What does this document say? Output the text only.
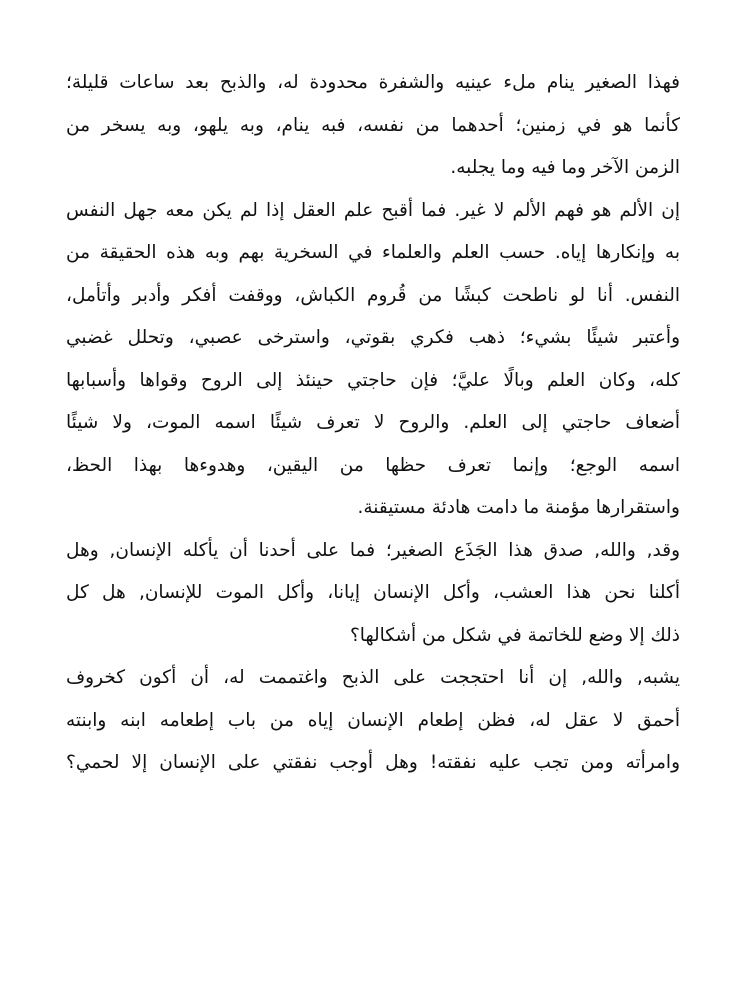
فهذا الصغير ينام ملء عينيه والشفرة محدودة له، والذبح بعد ساعات قليلة؛
كأنما هو في زمنين؛ أحدهما من نفسه، فبه ينام، وبه يلهو، وبه يسخر من
الزمن الآخر وما فيه وما يجلبه.
إن الألم هو فهم الألم لا غير. فما أقبح علم العقل إذا لم يكن معه جهل النفس
به وإنكارها إياه. حسب العلم والعلماء في السخرية بهم وبه هذه الحقيقة من
النفس. أنا لو ناطحت كبشًا من قُروم الكباش، ووقفت أفكر وأدبر وأتأمل،
وأعتبر شيئًا بشيء؛ ذهب فكري بقوتي، واسترخى عصبي، وتحلل غضبي
كله، وكان العلم وبالًا عليَّ؛ فإن حاجتي حينئذ إلى الروح وقواها وأسبابها
أضعاف حاجتي إلى العلم. والروح لا تعرف شيئًا اسمه الموت، ولا شيئًا
اسمه الوجع؛ وإنما تعرف حظها من اليقين، وهدوءها بهذا الحظ،
واستقرارها مؤمنة ما دامت هادئة مستيقنة.
وقد, والله, صدق هذا الجَذَع الصغير؛ فما على أحدنا أن يأكله الإنسان, وهل
أكلنا نحن هذا العشب، وأكل الإنسان إيانا، وأكل الموت للإنسان, هل كل
ذلك إلا وضع للخاتمة في شكل من أشكالها؟
يشبه, والله, إن أنا احتججت على الذبح واغتممت له، أن أكون كخروف
أحمق لا عقل له، فظن إطعام الإنسان إياه من باب إطعامه ابنه وابنته
وامرأته ومن تجب عليه نفقته! وهل أوجب نفقتي على الإنسان إلا لحمي؟
